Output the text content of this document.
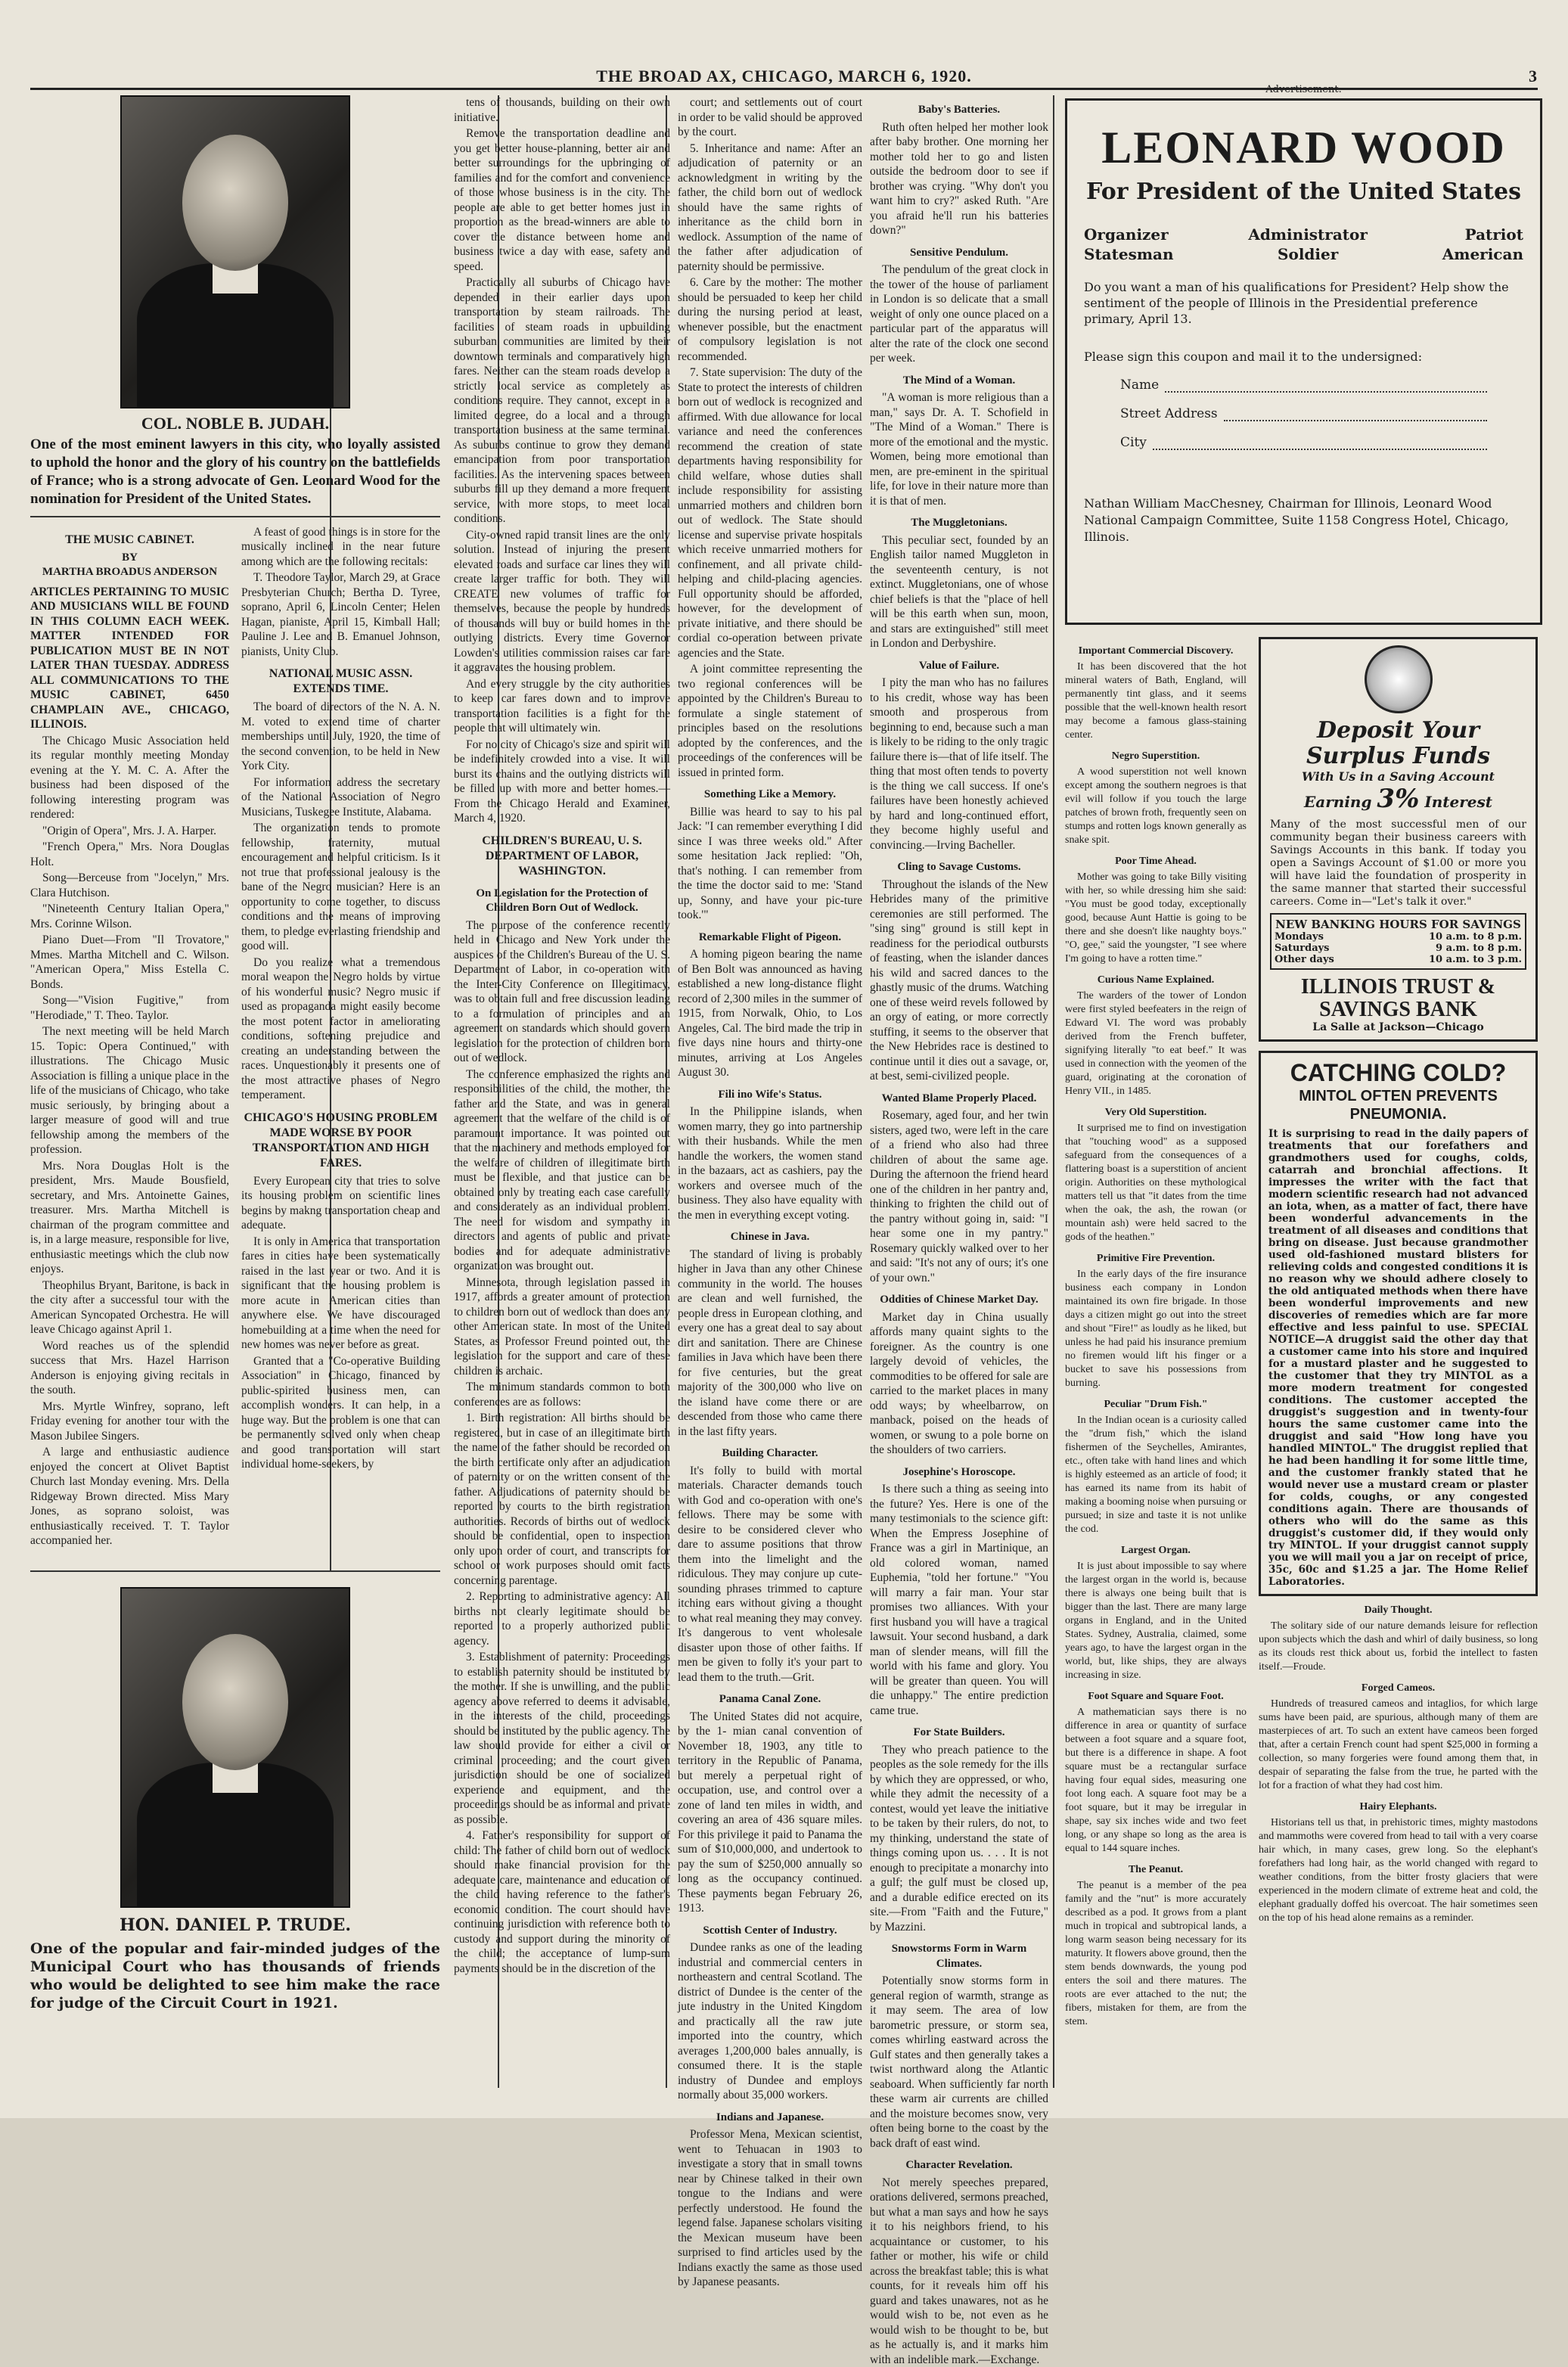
THE BROAD AX, CHICAGO, MARCH 6, 1920.	3
COL. NOBLE B. JUDAH.
One of the most eminent lawyers in this city, who loyally assisted to uphold the honor and the glory of his country on the battlefields of France; who is a strong advocate of Gen. Leonard Wood for the nomination for President of the United States.
THE MUSIC CABINET.
BY
MARTHA BROADUS ANDERSON

ARTICLES PERTAINING TO MUSIC AND MUSICIANS WILL BE FOUND IN THIS COLUMN EACH WEEK. MATTER INTENDED FOR PUBLICATION MUST BE IN NOT LATER THAN TUESDAY. ADDRESS ALL COMMUNICATIONS TO THE MUSIC CABINET, 6450 CHAMPLAIN AVE., CHICAGO, ILLINOIS.

The Chicago Music Association held its regular monthly meeting Monday evening at the Y. M. C. A. After the business had been disposed of the following interesting program was rendered:

"Origin of Opera", Mrs. J. A. Harper.

"French Opera," Mrs. Nora Douglas Holt.

Song—Berceuse from "Jocelyn," Mrs. Clara Hutchison.

"Nineteenth Century Italian Opera," Mrs. Corinne Wilson.

Piano Duet—From "Il Trovatore," Mmes. Martha Mitchell and C. Wilson. "American Opera," Miss Estella C. Bonds.

Song—"Vision Fugitive," from "Herodiade," T. Theo. Taylor.

The next meeting will be held March 15. Topic: Opera Continued," with illustrations. The Chicago Music Association is filling a unique place in the life of the musicians of Chicago, who take music seriously, by bringing about a larger measure of good will and true fellowship among the members of the profession.

Mrs. Nora Douglas Holt is the president, Mrs. Maude Bousfield, secretary, and Mrs. Antoinette Gaines, treasurer. Mrs. Martha Mitchell is chairman of the program committee and is, in a large measure, responsible for live, enthusiastic meetings which the club now enjoys.

Theophilus Bryant, Baritone, is back in the city after a successful tour with the American Syncopated Orchestra. He will leave Chicago against April 1.

Word reaches us of the splendid success that Mrs. Hazel Harrison Anderson is enjoying giving recitals in the south.

Mrs. Myrtle Winfrey, soprano, left Friday evening for another tour with the Mason Jubilee Singers.

A large and enthusiastic audience enjoyed the concert at Olivet Baptist Church last Monday evening. Mrs. Della Ridgeway Brown directed. Miss Mary Jones, as soprano soloist, was enthusiastically received. T. T. Taylor accompanied her.

A feast of good things is in store for the musically inclined in the near future among which are the following recitals:

T. Theodore Taylor, March 29, at Grace Presbyterian Church; Bertha D. Tyree, soprano, April 6, Lincoln Center; Helen Hagan, pianiste, April 15, Kimball Hall; Pauline J. Lee and B. Emanuel Johnson, pianists, Unity Club.

NATIONAL MUSIC ASSN. EXTENDS TIME.

The board of directors of the N. A. N. M. voted to extend time of charter memberships until July, 1920, the time of the second convention, to be held in New York City.

For information address the secretary of the National Association of Negro Musicians, Tuskegee Institute, Alabama.

The organization tends to promote fellowship, fraternity, mutual encouragement and helpful criticism. Is it not true that professional jealousy is the bane of the Negro musician? Here is an opportunity to come together, to discuss conditions and the means of improving them, to pledge everlasting friendship and good will.

Do you realize what a tremendous moral weapon the Negro holds by virtue of his wonderful music? Negro music if used as propaganda might easily become the most potent factor in ameliorating conditions, softening prejudice and creating an understanding between the races. Unquestionably it presents one of the most attractive phases of Negro temperament.

CHICAGO'S HOUSING PROBLEM MADE WORSE BY POOR TRANSPORTATION AND HIGH FARES.

Every European city that tries to solve its housing problem on scientific lines begins by makng transportation cheap and adequate.

It is only in America that transportation fares in cities have been systematically raised in the last year or two. And it is significant that the housing problem is more acute in American cities than anywhere else. We have discouraged homebuilding at a time when the need for new homes was never before as great.

Granted that a "Co-operative Building Association" in Chicago, financed by public-spirited business men, can accomplish wonders. It can help, in a huge way. But the problem is one that can be permanently solved only when cheap and good transportation will start individual home-seekers, by

HON. DANIEL P. TRUDE.
One of the popular and fair-minded judges of the Municipal Court who has thousands of friends who would be delighted to see him make the race for judge of the Circuit Court in 1921.

tens of thousands, building on their own initiative.

Remove the transportation deadline and you get better house-planning, better air and better surroundings for the upbringing of families and for the comfort and convenience of those whose business is in the city. The people are able to get better homes just in proportion as the bread-winners are able to cover the distance between home and business twice a day with ease, safety and speed.

Practically all suburbs of Chicago have depended in their earlier days upon transportation by steam railroads. The facilities of steam roads in upbuilding suburban communities are limited by their downtown terminals and comparatively high fares. Neither can the steam roads develop a strictly local service as completely as conditions require. They cannot, except in a limited degree, do a local and a through transportation business at the same terminal. As suburbs continue to grow they demand emancipation from poor transportation facilities. As the intervening spaces between suburbs fill up they demand a more frequent service, with more stops, to meet local conditions.

City-owned rapid transit lines are the only solution. Instead of injuring the present elevated roads and surface car lines they will create larger traffic for both. They will CREATE new volumes of traffic for themselves, because the people by hundreds of thousands will buy or build homes in the outlying districts. Every time Governor Lowden's utilities commission raises car fare it aggravates the housing problem.

And every struggle by the city authorities to keep car fares down and to improve transportation facilities is a fight for the people that will ultimately win.

For no city of Chicago's size and spirit will be indefinitely crowded into a vise. It will burst its chains and the outlying districts will be filled up with more and better homes.—From the Chicago Herald and Examiner, March 4, 1920.

CHILDREN'S BUREAU, U. S. DEPARTMENT OF LABOR, WASHINGTON.
On Legislation for the Protection of Children Born Out of Wedlock.

The purpose of the conference recently held in Chicago and New York under the auspices of the Children's Bureau of the U. S. Department of Labor, in co-operation with the Inter-City Conference on Illegitimacy, was to obtain full and free discussion leading to a formulation of principles and an agreement on standards which should govern legislation for the protection of children born out of wedlock.

The conference emphasized the rights and responsibilities of the child, the mother, the father and the State, and was in general agreement that the welfare of the child is of paramount importance. It was pointed out that the machinery and methods employed for the welfare of children of illegitimate birth must be flexible, and that justice can be obtained only by treating each case carefully and considerately as an individual problem. The need for wisdom and sympathy in directors and agents of public and private bodies and for adequate administrative organization was brought out.

Minnesota, through legislation passed in 1917, affords a greater amount of protection to children born out of wedlock than does any other American state. In most of the United States, as Professor Freund pointed out, the legislation for the support and care of these children is archaic.

The minimum standards common to both conferences are as follows:

1. Birth registration: All births should be registered, but in case of an illegitimate birth the name of the father should be recorded on the birth certificate only after an adjudication of paternity or on the written consent of the father. Adjudications of paternity should be reported by courts to the birth registration authorities. Records of births out of wedlock should be confidential, open to inspection only upon order of court, and transcripts for school or work purposes should omit facts concerning parentage.

2. Reporting to administrative agency: All births not clearly legitimate should be reported to a properly authorized public agency.

3. Establishment of paternity: Proceedings to establish paternity should be instituted by the mother. If she is unwilling, and the public agency above referred to deems it advisable, in the interests of the child, proceedings should be instituted by the public agency. The law should provide for either a civil or criminal proceeding; and the court given jurisdiction should be one of socialized experience and equipment, and the proceedings should be as informal and private as possible.

4. Father's responsibility for support of child: The father of child born out of wedlock should make financial provision for the adequate care, maintenance and education of the child having reference to the father's economic condition. The court should have continuing jurisdiction with reference both to custody and support during the minority of the child; the acceptance of lump-sum payments should be in the discretion of the

court; and settlements out of court in order to be valid should be approved by the court.

5. Inheritance and name: After an adjudication of paternity or an acknowledgment in writing by the father, the child born out of wedlock should have the same rights of inheritance as the child born in wedlock. Assumption of the name of the father after adjudication of paternity should be permissive.

6. Care by the mother: The mother should be persuaded to keep her child during the nursing period at least, whenever possible, but the enactment of compulsory legislation is not recommended.

7. State supervision: The duty of the State to protect the interests of children born out of wedlock is recognized and affirmed. With due allowance for local variance and need the conferences recommend the creation of state departments having responsibility for child welfare, whose duties shall include responsibility for assisting unmarried mothers and children born out of wedlock. The State should license and supervise private hospitals which receive unmarried mothers for confinement, and all private child-helping and child-placing agencies. Full opportunity should be afforded, however, for the development of private initiative, and there should be cordial co-operation between private agencies and the State.

A joint committee representing the two regional conferences will be appointed by the Children's Bureau to formulate a single statement of principles based on the resolutions adopted by the conferences, and the proceedings of the conferences will be issued in printed form.

Something Like a Memory.

Billie was heard to say to his pal Jack: "I can remember everything I did since I was three weeks old." After some hesitation Jack replied: "Oh, that's nothing. I can remember from the time the doctor said to me: 'Stand up, Sonny, and have your pic-ture took.'"

Remarkable Flight of Pigeon.

A homing pigeon bearing the name of Ben Bolt was announced as having established a new long-distance flight record of 2,300 miles in the summer of 1915, from Norwalk, Ohio, to Los Angeles, Cal. The bird made the trip in five days nine hours and thirty-one minutes, arriving at Los Angeles August 30.

Fili ino Wife's Status.

In the Philippine islands, when women marry, they go into partnership with their husbands. While the men handle the workers, the women stand in the bazaars, act as cashiers, pay the workers and oversee much of the business. They also have equality with the men in everything except voting.

Chinese in Java.

The standard of living is probably higher in Java than any other Chinese community in the world. The houses are clean and well furnished, the people dress in European clothing, and every one has a great deal to say about dirt and sanitation. There are Chinese families in Java which have been there for five centuries, but the great majority of the 300,000 who live on the island have come there or are descended from those who came there in the last fifty years.

Building Character.

It's folly to build with mortal materials. Character demands touch with God and co-operation with one's fellows. There may be some with desire to be considered clever who dare to assume positions that throw them into the limelight and the ridiculous. They may conjure up cute-sounding phrases trimmed to capture itching ears without giving a thought to what real meaning they may convey. It's dangerous to vent wholesale disaster upon those of other faiths. If men be given to folly it's your part to lead them to the truth.—Grit.

Panama Canal Zone.

The United States did not acquire, by the 1- mian canal convention of November 18, 1903, any title to territory in the Republic of Panama, but merely a perpetual right of occupation, use, and control over a zone of land ten miles in width, and covering an area of 436 square miles. For this privilege it paid to Panama the sum of $10,000,000, and undertook to pay the sum of $250,000 annually so long as the occupancy continued. These payments began February 26, 1913.

Scottish Center of Industry.

Dundee ranks as one of the leading industrial and commercial centers in northeastern and central Scotland. The district of Dundee is the center of the jute industry in the United Kingdom and practically all the raw jute imported into the country, which averages 1,200,000 bales annually, is consumed there. It is the staple industry of Dundee and employs normally about 35,000 workers.

Indians and Japanese.

Professor Mena, Mexican scientist, went to Tehuacan in 1903 to investigate a story that in small towns near by Chinese talked in their own tongue to the Indians and were perfectly understood. He found the legend false. Japanese scholars visiting the Mexican museum have been surprised to find articles used by the Indians exactly the same as those used by Japanese peasants.

Baby's Batteries.

Ruth often helped her mother look after baby brother. One morning her mother told her to go and listen outside the bedroom door to see if brother was crying. "Why don't you want him to cry?" asked Ruth. "Are you afraid he'll run his batteries down?"

Sensitive Pendulum.

The pendulum of the great clock in the tower of the house of parliament in London is so delicate that a small weight of only one ounce placed on a particular part of the apparatus will alter the rate of the clock one second per week.

The Mind of a Woman.

"A woman is more religious than a man," says Dr. A. T. Schofield in "The Mind of a Woman." There is more of the emotional and the mystic. Women, being more emotional than men, are pre-eminent in the spiritual life, for love in their nature more than it is that of men.

The Muggletonians.

This peculiar sect, founded by an English tailor named Muggleton in the seventeenth century, is not extinct. Muggletonians, one of whose chief beliefs is that the "place of hell will be this earth when sun, moon, and stars are extinguished" still meet in London and Derbyshire.

Value of Failure.

I pity the man who has no failures to his credit, whose way has been smooth and prosperous from beginning to end, because such a man is likely to be riding to the only tragic failure there is—that of life itself. The thing that most often tends to poverty is the thing we call success. If one's failures have been honestly achieved by hard and long-continued effort, they become highly useful and convincing.—Irving Bacheller.

Cling to Savage Customs.

Throughout the islands of the New Hebrides many of the primitive ceremonies are still performed. The "sing sing" ground is still kept in readiness for the periodical outbursts of feasting, when the islander dances his wild and sacred dances to the ghastly music of the drums. Watching one of these weird revels followed by an orgy of eating, or more correctly stuffing, it seems to the observer that the New Hebrides race is destined to continue until it dies out a savage, or, at best, semi-civilized people.

Wanted Blame Properly Placed.

Rosemary, aged four, and her twin sisters, aged two, were left in the care of a friend who also had three children of about the same age. During the afternoon the friend heard one of the children in her pantry and, thinking to frighten the child out of the pantry without going in, said: "I hear some one in my pantry." Rosemary quickly walked over to her and said: "It's not any of ours; it's one of your own."

Oddities of Chinese Market Day.

Market day in China usually affords many quaint sights to the foreigner. As the country is one largely devoid of vehicles, the commodities to be offered for sale are carried to the market places in many odd ways; by wheelbarrow, on manback, poised on the heads of women, or swung to a pole borne on the shoulders of two carriers.

Josephine's Horoscope.

Is there such a thing as seeing into the future? Yes. Here is one of the many testimonials to the science gift: When the Empress Josephine of France was a girl in Martinique, an old colored woman, named Euphemia, "told her fortune." "You will marry a fair man. Your star promises two alliances. With your first husband you will have a tragical lawsuit. Your second husband, a dark man of slender means, will fill the world with his fame and glory. You will be greater than queen. You will die unhappy." The entire prediction came true.

For State Builders.

They who preach patience to the peoples as the sole remedy for the ills by which they are oppressed, or who, while they admit the necessity of a contest, would yet leave the initiative to be taken by their rulers, do not, to my thinking, understand the state of things coming upon us. . . . It is not enough to precipitate a monarchy into a gulf; the gulf must be closed up, and a durable edifice erected on its site.—From "Faith and the Future," by Mazzini.

Snowstorms Form in Warm Climates.

Potentially snow storms form in general region of warmth, strange as it may seem. The area of low barometric pressure, or storm sea, comes whirling eastward across the Gulf states and then generally takes a twist northward along the Atlantic seaboard. When sufficiently far north these warm air currents are chilled and the moisture becomes snow, very often being borne to the coast by the back draft of east wind.

Character Revelation.

Not merely speeches prepared, orations delivered, sermons preached, but what a man says and how he says it to his neighbors friend, to his acquaintance or customer, to his father or mother, his wife or child across the breakfast table; this is what counts, for it reveals him off his guard and takes unawares, not as he would wish to be, not even as he would wish to be thought to be, but as he actually is, and it marks him with an indelible mark.—Exchange.

Advertisement.
LEONARD WOOD
For President of the United States
Organizer
Statesman
Administrator
Soldier
Patriot
American
Do you want a man of his qualifications for President? Help show the sentiment of the people of Illinois in the Presidential preference primary, April 13.
Please sign this coupon and mail it to the undersigned:
Name
Street Address
City
Nathan William MacChesney, Chairman for Illinois, Leonard Wood National Campaign Committee, Suite 1158 Congress Hotel, Chicago, Illinois.
Important Commercial Discovery.

It has been discovered that the hot mineral waters of Bath, England, will permanently tint glass, and it seems possible that the well-known health resort may become a famous glass-staining center.

Negro Superstition.

A wood superstition not well known except among the southern negroes is that evil will follow if you touch the large patches of brown froth, frequently seen on stumps and rotten logs known generally as snake spit.

Poor Time Ahead.

Mother was going to take Billy visiting with her, so while dressing him she said: "You must be good today, exceptionally good, because Aunt Hattie is going to be there and she doesn't like naughty boys." "O, gee," said the youngster, "I see where I'm going to have a rotten time."

Curious Name Explained.

The warders of the tower of London were first styled beefeaters in the reign of Edward VI. The word was probably derived from the French buffeter, signifying literally "to eat beef." It was used in connection with the yeomen of the guard, originating at the coronation of Henry VII., in 1485.

Very Old Superstition.

It surprised me to find on investigation that "touching wood" as a supposed safeguard from the consequences of a flattering boast is a superstition of ancient origin. Authorities on these mythological matters tell us that "it dates from the time when the oak, the ash, the rowan (or mountain ash) were held sacred to the gods of the heathen."

Primitive Fire Prevention.

In the early days of the fire insurance business each company in London maintained its own fire brigade. In those days a citizen might go out into the street and shout "Fire!" as loudly as he liked, but unless he had paid his insurance premium no firemen would lift his finger or a bucket to save his possessions from burning.

Peculiar "Drum Fish."

In the Indian ocean is a curiosity called the "drum fish," which the island fishermen of the Seychelles, Amirantes, etc., often take with hand lines and which is highly esteemed as an article of food; it has earned its name from its habit of making a booming noise when pursuing or pursued; in size and taste it is not unlike the cod.

Largest Organ.

It is just about impossible to say where the largest organ in the world is, because there is always one being built that is bigger than the last. There are many large organs in England, and in the United States. Sydney, Australia, claimed, some years ago, to have the largest organ in the world, but, like ships, they are always increasing in size.

Foot Square and Square Foot.

A mathematician says there is no difference in area or quantity of surface between a foot square and a square foot, but there is a difference in shape. A foot square must be a rectangular surface having four equal sides, measuring one foot long each. A square foot may be a foot square, but it may be irregular in shape, say six inches wide and two feet long, or any shape so long as the area is equal to 144 square inches.

The Peanut.

The peanut is a member of the pea family and the "nut" is more accurately described as a pod. It grows from a plant much in tropical and subtropical lands, a long warm season being necessary for its maturity. It flowers above ground, then the stem bends downwards, the young pod enters the soil and there matures. The roots are ever attached to the nut; the fibers, mistaken for them, are from the stem.

Deposit Your Surplus Funds
With Us in a Saving Account
Earning 3% Interest
Many of the most successful men of our community began their business careers with Savings Accounts in this bank. If today you open a Savings Account of $1.00 or more you will have laid the foundation of prosperity in the same manner that started their successful careers. Come in—"Let's talk it over."
NEW BANKING HOURS FOR SAVINGS
Mondays	10 a.m. to 8 p.m.
Saturdays	9 a.m. to 8 p.m.
Other days	10 a.m. to 3 p.m.
ILLINOIS TRUST & SAVINGS BANK
La Salle at Jackson—Chicago
CATCHING COLD?
MINTOL OFTEN PREVENTS PNEUMONIA.
It is surprising to read in the daily papers of treatments that our forefathers and grandmothers used for coughs, colds, catarrah and bronchial affections. It impresses the writer with the fact that modern scientific research had not advanced an iota, when, as a matter of fact, there have been wonderful advancements in the treatment of all diseases and conditions that bring on disease. Just because grandmother used old-fashioned mustard blisters for relieving colds and congested conditions it is no reason why we should adhere closely to the old antiquated methods when there have been wonderful improvements and new discoveries of remedies which are far more effective and less painful to use. SPECIAL NOTICE—A druggist said the other day that a customer came into his store and inquired for a mustard plaster and he suggested to the customer that they try MINTOL as a more modern treatment for congested conditions. The customer accepted the druggist's suggestion and in twenty-four hours the same customer came into the druggist and said "How long have you handled MINTOL." The druggist replied that he had been handling it for some little time, and the customer frankly stated that he would never use a mustard cream or plaster for colds, coughs, or any congested conditions again. There are thousands of others who will do the same as this druggist's customer did, if they would only try MINTOL. If your druggist cannot supply you we will mail you a jar on receipt of price, 35c, 60c and $1.25 a jar. The Home Relief Laboratories.
Daily Thought.

The solitary side of our nature demands leisure for reflection upon subjects which the dash and whirl of daily business, so long as its clouds rest thick about us, forbid the intellect to fasten itself.—Froude.

Forged Cameos.

Hundreds of treasured cameos and intaglios, for which large sums have been paid, are spurious, although many of them are masterpieces of art. To such an extent have cameos been forged that, after a certain French count had spent $25,000 in forming a collection, so many forgeries were found among them that, in despair of separating the false from the true, he parted with the lot for a fraction of what they had cost him.

Hairy Elephants.

Historians tell us that, in prehistoric times, mighty mastodons and mammoths were covered from head to tail with a very coarse hair which, in many cases, grew long. So the elephant's forefathers had long hair, as the world changed with regard to weather conditions, from the bitter frosty glaciers that were experienced in the modern climate of extreme heat and cold, the elephant gradually doffed his overcoat. The hair sometimes seen on the top of his head alone remains as a reminder.
